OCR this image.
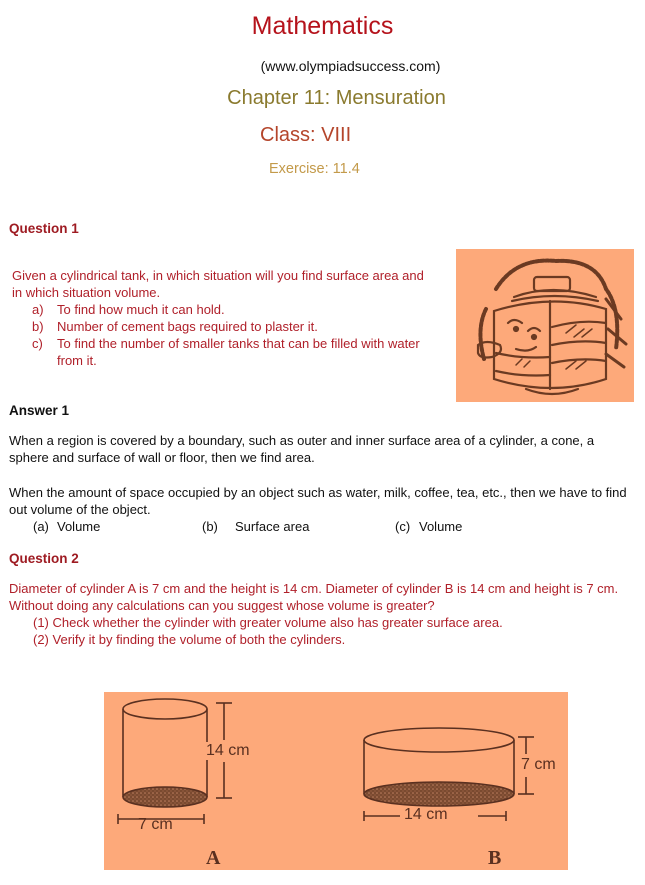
Mathematics
(www.olympiadsuccess.com)
Chapter 11: Mensuration
Class: VIII
Exercise: 11.4
Question 1
Given a cylindrical tank, in which situation will you find surface area and in which situation volume.
a) To find how much it can hold.
b) Number of cement bags required to plaster it.
c) To find the number of smaller tanks that can be filled with water from it.
Answer 1
When a region is covered by a boundary, such as outer and inner surface area of a cylinder, a cone, a sphere and surface of wall or floor, then we find area.
When the amount of space occupied by an object such as water, milk, coffee, tea, etc., then we have to find out volume of the object.
(a) Volume	(b) Surface area	(c) Volume
Question 2
Diameter of cylinder A is 7 cm and the height is 14 cm. Diameter of cylinder B is 14 cm and height is 7 cm. Without doing any calculations can you suggest whose volume is greater?
(1) Check whether the cylinder with greater volume also has greater surface area.
(2) Verify it by finding the volume of both the cylinders.
14 cm
7 cm
A
7 cm
14 cm
B
